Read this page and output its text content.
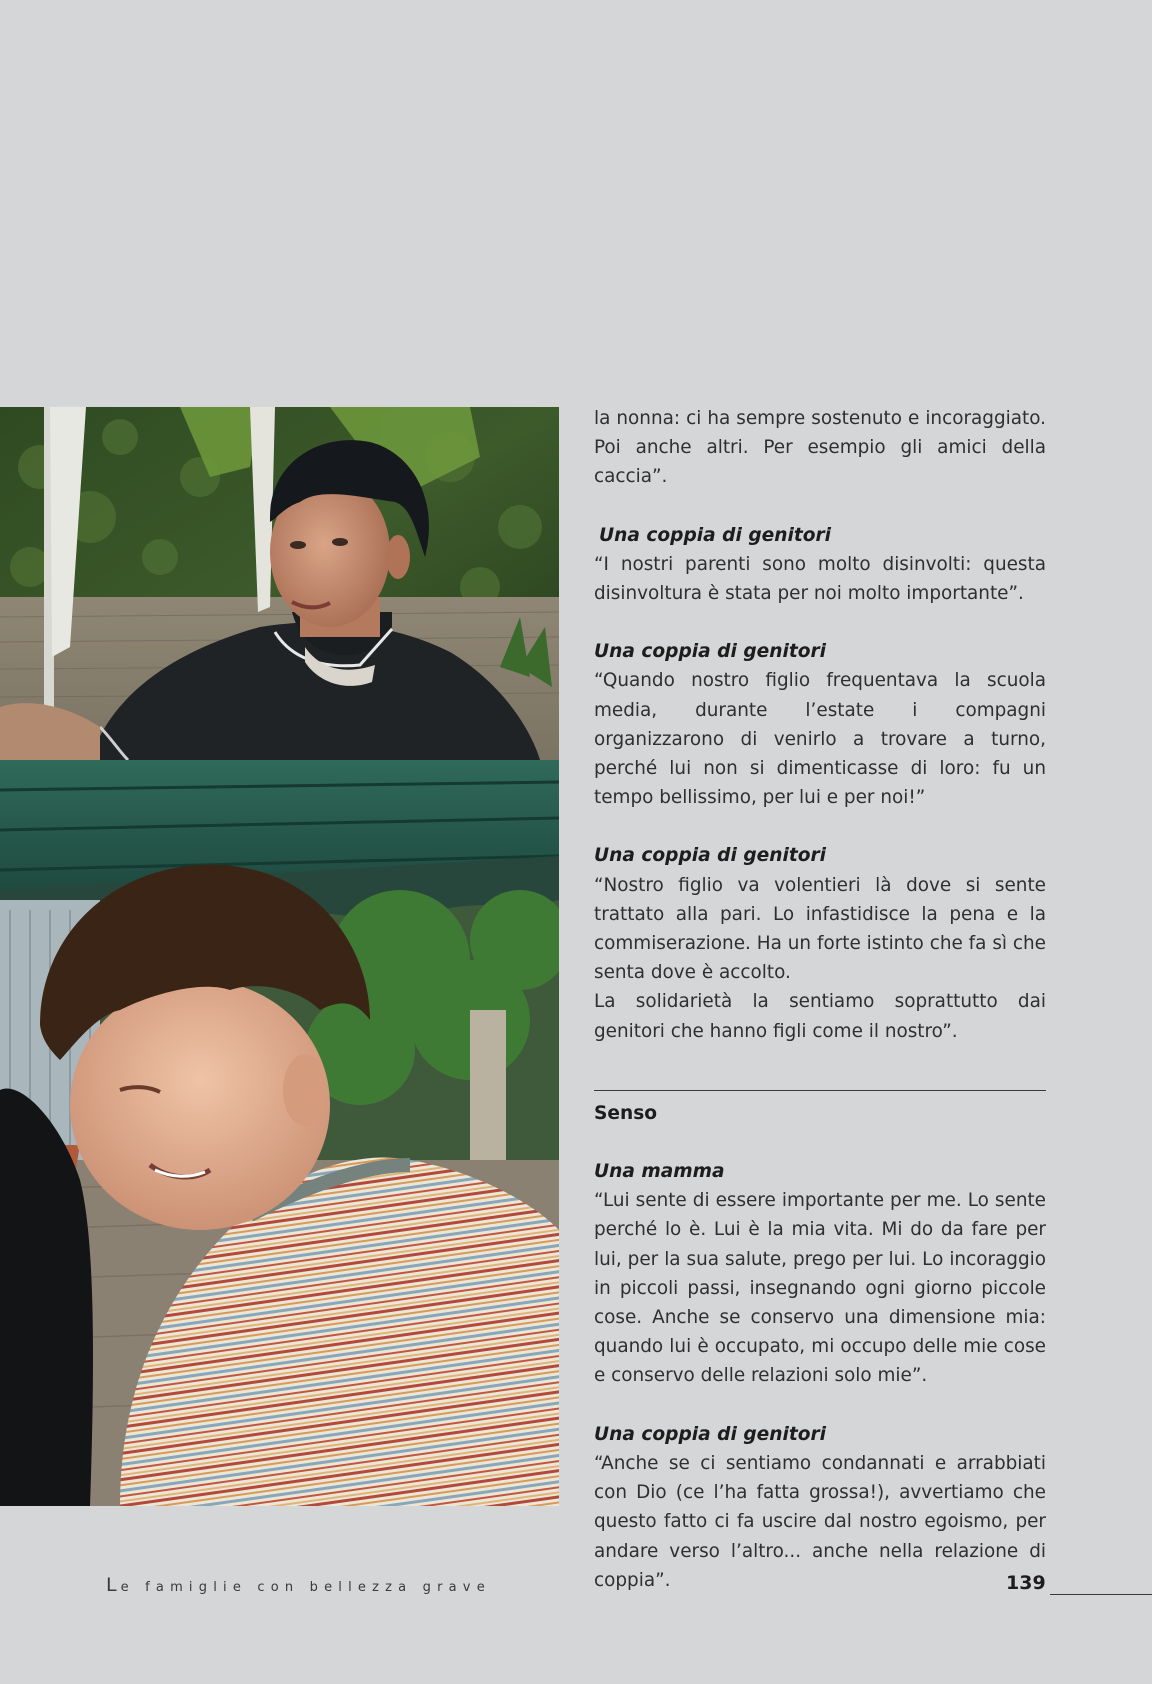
la nonna: ci ha sempre sostenuto e incoraggiato. Poi anche altri. Per esempio gli amici della caccia”.

Una coppia di genitori

“I nostri parenti sono molto disinvolti: questa disinvoltura è stata per noi molto importante”.

Una coppia di genitori

“Quando nostro figlio frequentava la scuola media, durante l’estate i compagni organizzarono di venirlo a trovare a turno, perché lui non si dimenticasse di loro: fu un tempo bellissimo, per lui e per noi!”

Una coppia di genitori

“Nostro figlio va volentieri là dove si sente trattato alla pari. Lo infastidisce la pena e la commiserazione. Ha un forte istinto che fa sì che senta dove è accolto.

La solidarietà la sentiamo soprattutto dai genitori che hanno figli come il nostro”.

Senso
Una mamma

“Lui sente di essere importante per me. Lo sente perché lo è. Lui è la mia vita. Mi do da fare per lui, per la sua salute, prego per lui. Lo incoraggio in piccoli passi, insegnando ogni giorno piccole cose. Anche se conservo una dimensione mia: quando lui è occupato, mi occupo delle mie cose e conservo delle relazioni solo mie”.

Una coppia di genitori

“Anche se ci sentiamo condannati e arrabbiati con Dio (ce l’ha fatta grossa!), avvertiamo che questo fatto ci fa uscire dal nostro egoismo, per andare verso l’altro... anche nella relazione di coppia”.

Le famiglie con bellezza grave	139
